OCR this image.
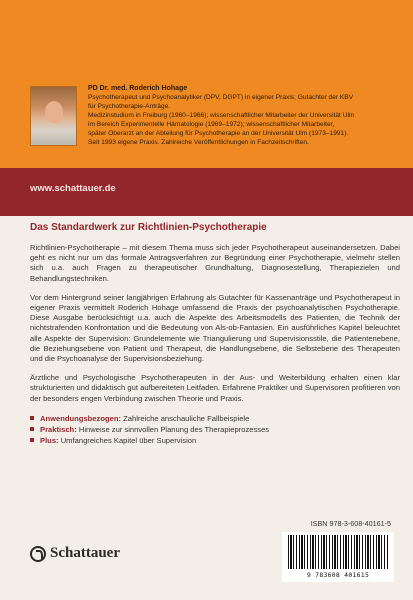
PD Dr. med. Roderich Hohage
Psychotherapeut und Psychoanalytiker (DPV, DGPT) in eigener Praxis; Gutachter der KBV
für Psychotherapie-Anträge.
Medizinstudium in Freiburg (1960–1966); wissenschaftlicher Mitarbeiter der Universität Ulm
im Bereich Experimentelle Hämatologie (1969–1972); wissenschaftlicher Mitarbeiter,
später Oberarzt an der Abteilung für Psychotherapie an der Universität Ulm (1973–1991).
Seit 1993 eigene Praxis. Zahlreiche Veröffentlichungen in Fachzeitschriften.
www.schattauer.de
Das Standardwerk zur Richtlinien-Psychotherapie

Richtlinien-Psychotherapie – mit diesem Thema muss sich jeder Psychotherapeut auseinandersetzen. Dabei geht es nicht nur um das formale Antragsverfahren zur Begründung einer Psychotherapie, vielmehr stellen sich u.a. auch Fragen zu therapeutischer Grundhaltung, Diagnosestellung, Therapiezielen und Behandlungstechniken.

Vor dem Hintergrund seiner langjährigen Erfahrung als Gutachter für Kassenanträge und Psychotherapeut in eigener Praxis vermittelt Roderich Hohage umfassend die Praxis der psychoanalytischen Psychotherapie. Diese Ausgabe berücksichtigt u.a. auch die Aspekte des Arbeitsmodells des Patienten, die Technik der nichtstrafenden Konfrontation und die Bedeutung von Als-ob-Fantasien. Ein ausführliches Kapitel beleuchtet alle Aspekte der Supervision: Grundelemente wie Triangulierung und Supervisionsstile, die Patientenebene, die Beziehungsebene von Patient und Therapeut, die Handlungsebene, die Selbstebene des Therapeuten und die Psychoanalyse der Supervisionsbeziehung.

Ärztliche und Psychologische Psychotherapeuten in der Aus- und Weiterbildung erhalten einen klar strukturierten und didaktisch gut aufbereiteten Leitfaden. Erfahrene Praktiker und Supervisoren profitieren von der besonders engen Verbindung zwischen Theorie und Praxis.

Anwendungsbezogen: Zahlreiche anschauliche Fallbeispiele
Praktisch: Hinweise zur sinnvollen Planung des Therapieprozesses
Plus: Umfangreiches Kapitel über Supervision
ISBN 978-3-608-40161-5
9 783608 401615
Schattauer
